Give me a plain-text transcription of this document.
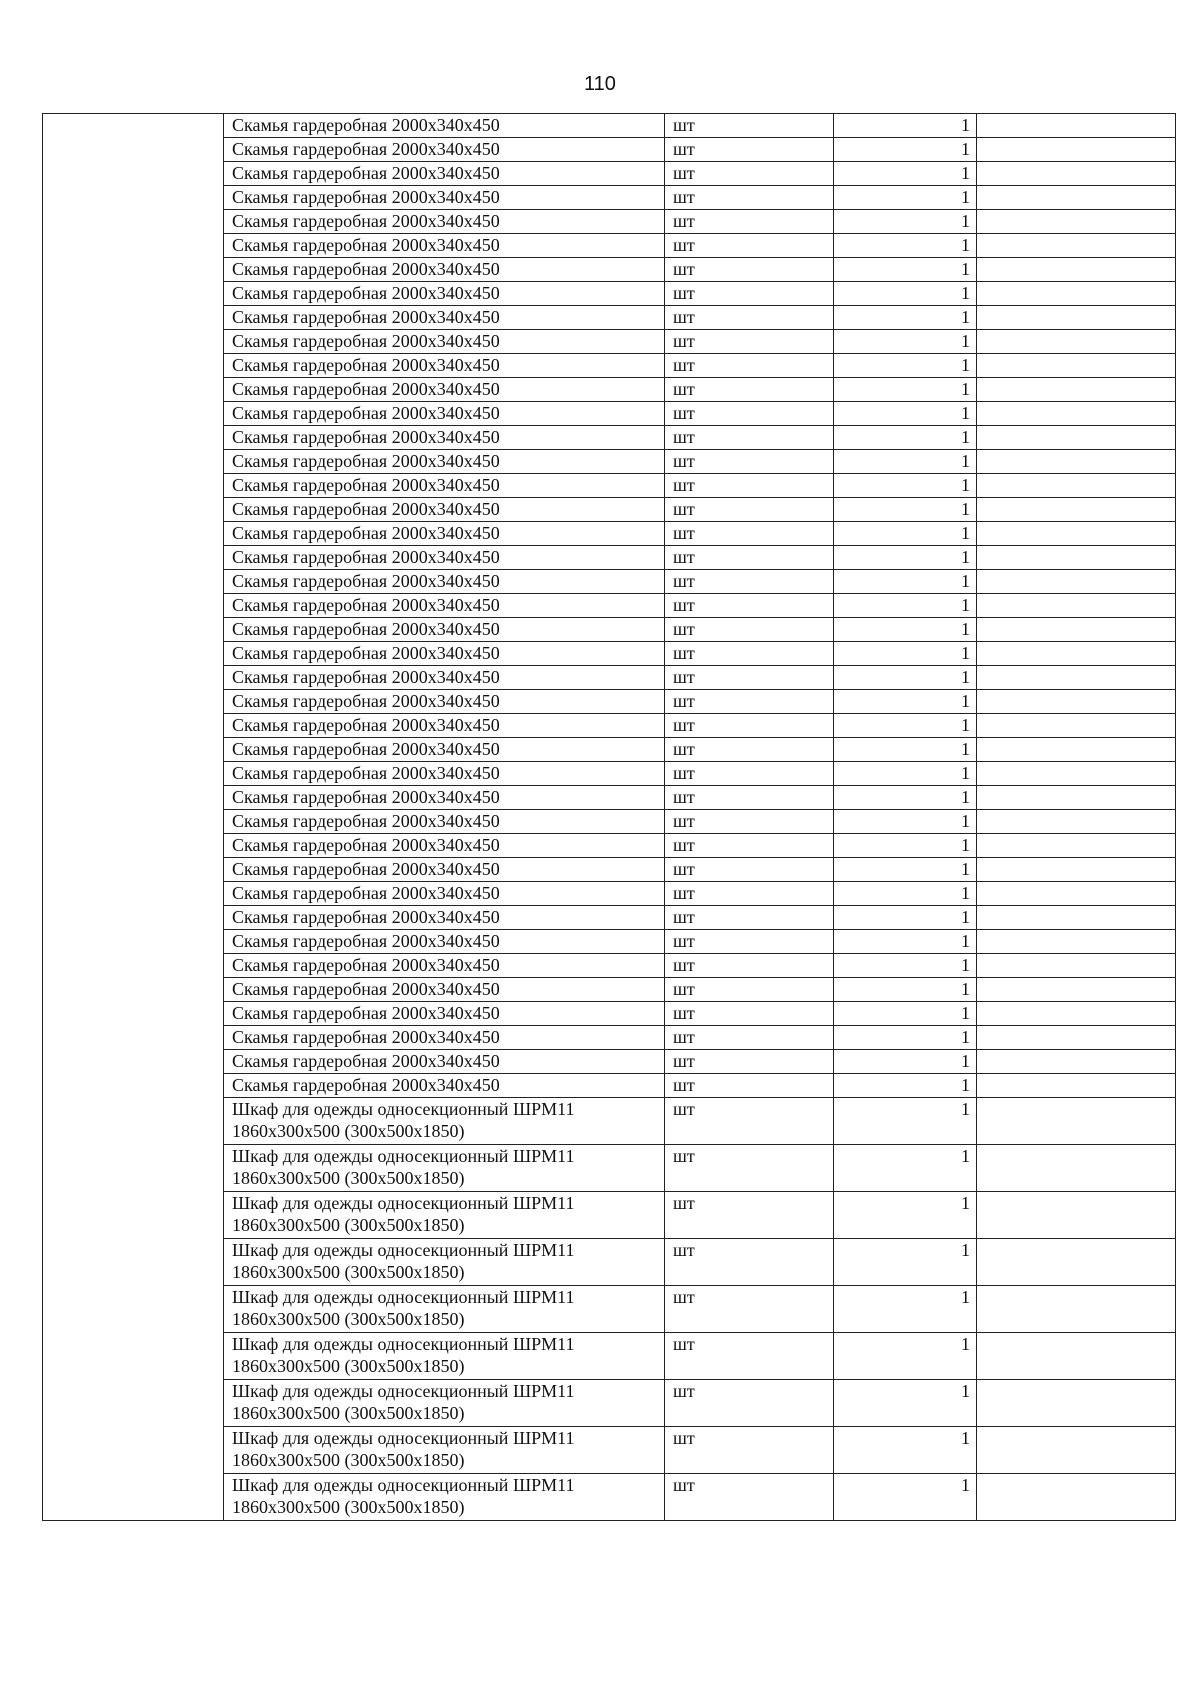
110
	Скамья гардеробная 2000х340х450	шт	1	
	Скамья гардеробная 2000х340х450	шт	1	
	Скамья гардеробная 2000х340х450	шт	1	
	Скамья гардеробная 2000х340х450	шт	1	
	Скамья гардеробная 2000х340х450	шт	1	
	Скамья гардеробная 2000х340х450	шт	1	
	Скамья гардеробная 2000х340х450	шт	1	
	Скамья гардеробная 2000х340х450	шт	1	
	Скамья гардеробная 2000х340х450	шт	1	
	Скамья гардеробная 2000х340х450	шт	1	
	Скамья гардеробная 2000х340х450	шт	1	
	Скамья гардеробная 2000х340х450	шт	1	
	Скамья гардеробная 2000х340х450	шт	1	
	Скамья гардеробная 2000х340х450	шт	1	
	Скамья гардеробная 2000х340х450	шт	1	
	Скамья гардеробная 2000х340х450	шт	1	
	Скамья гардеробная 2000х340х450	шт	1	
	Скамья гардеробная 2000х340х450	шт	1	
	Скамья гардеробная 2000х340х450	шт	1	
	Скамья гардеробная 2000х340х450	шт	1	
	Скамья гардеробная 2000х340х450	шт	1	
	Скамья гардеробная 2000х340х450	шт	1	
	Скамья гардеробная 2000х340х450	шт	1	
	Скамья гардеробная 2000х340х450	шт	1	
	Скамья гардеробная 2000х340х450	шт	1	
	Скамья гардеробная 2000х340х450	шт	1	
	Скамья гардеробная 2000х340х450	шт	1	
	Скамья гардеробная 2000х340х450	шт	1	
	Скамья гардеробная 2000х340х450	шт	1	
	Скамья гардеробная 2000х340х450	шт	1	
	Скамья гардеробная 2000х340х450	шт	1	
	Скамья гардеробная 2000х340х450	шт	1	
	Скамья гардеробная 2000х340х450	шт	1	
	Скамья гардеробная 2000х340х450	шт	1	
	Скамья гардеробная 2000х340х450	шт	1	
	Скамья гардеробная 2000х340х450	шт	1	
	Скамья гардеробная 2000х340х450	шт	1	
	Скамья гардеробная 2000х340х450	шт	1	
	Скамья гардеробная 2000х340х450	шт	1	
	Скамья гардеробная 2000х340х450	шт	1	
	Скамья гардеробная 2000х340х450	шт	1	
	Шкаф для одежды односекционный ШРМ11 1860х300х500 (300х500х1850)	шт	1	
	Шкаф для одежды односекционный ШРМ11 1860х300х500 (300х500х1850)	шт	1	
	Шкаф для одежды односекционный ШРМ11 1860х300х500 (300х500х1850)	шт	1	
	Шкаф для одежды односекционный ШРМ11 1860х300х500 (300х500х1850)	шт	1	
	Шкаф для одежды односекционный ШРМ11 1860х300х500 (300х500х1850)	шт	1	
	Шкаф для одежды односекционный ШРМ11 1860х300х500 (300х500х1850)	шт	1	
	Шкаф для одежды односекционный ШРМ11 1860х300х500 (300х500х1850)	шт	1	
	Шкаф для одежды односекционный ШРМ11 1860х300х500 (300х500х1850)	шт	1	
	Шкаф для одежды односекционный ШРМ11 1860х300х500 (300х500х1850)	шт	1	
